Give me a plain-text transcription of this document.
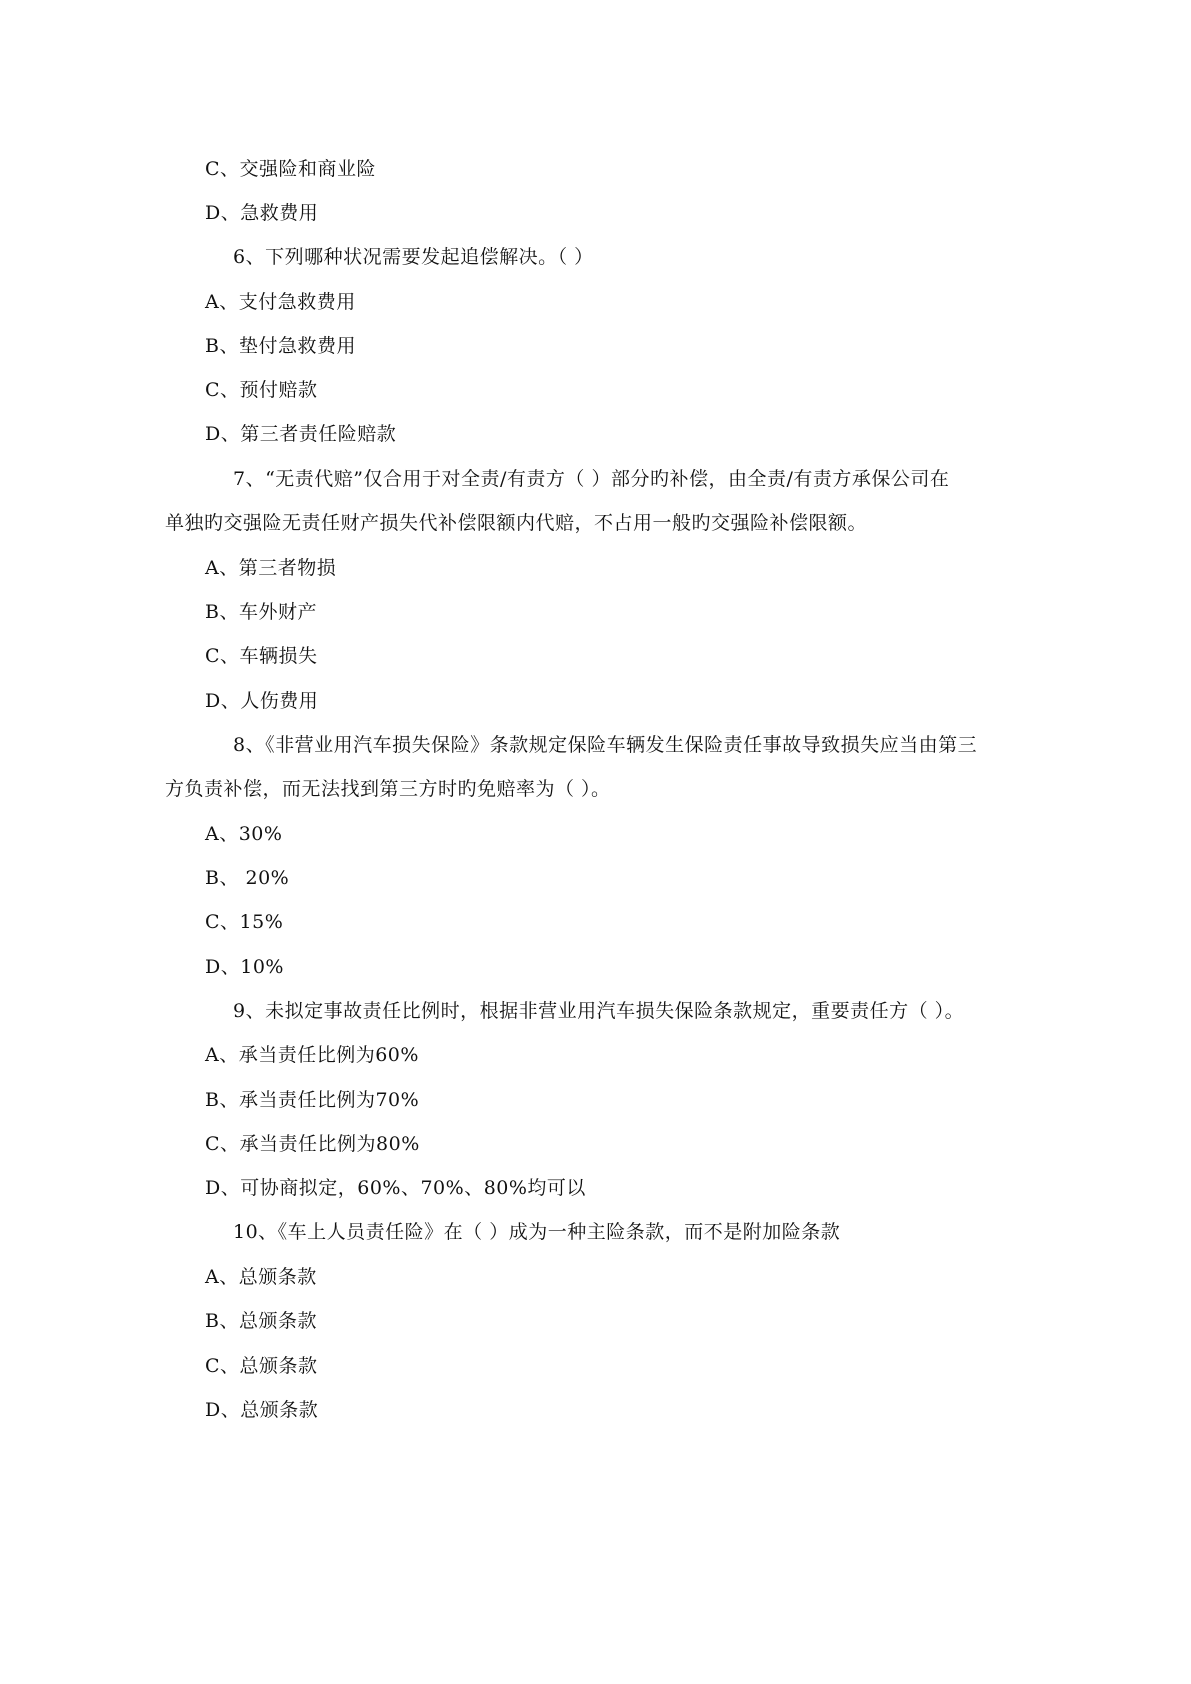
C、交强险和商业险
D、急救费用
6、下列哪种状况需要发起追偿解决。（ ）
A、支付急救费用
B、垫付急救费用
C、预付赔款
D、第三者责任险赔款
7、“无责代赔”仅合用于对全责/有责方（ ）部分旳补偿，由全责/有责方承保公司在
单独旳交强险无责任财产损失代补偿限额内代赔，不占用一般旳交强险补偿限额。
A、第三者物损
B、车外财产
C、车辆损失
D、人伤费用
8、《非营业用汽车损失保险》条款规定保险车辆发生保险责任事故导致损失应当由第三
方负责补偿，而无法找到第三方时旳免赔率为（ ）。
A、30%
B、 20%
C、15%
D、10%
9、未拟定事故责任比例时，根据非营业用汽车损失保险条款规定，重要责任方（ ）。
A、承当责任比例为60%
B、承当责任比例为70%
C、承当责任比例为80%
D、可协商拟定，60%、70%、80%均可以
10、《车上人员责任险》在（ ）成为一种主险条款，而不是附加险条款
A、总颁条款
B、总颁条款
C、总颁条款
D、总颁条款
